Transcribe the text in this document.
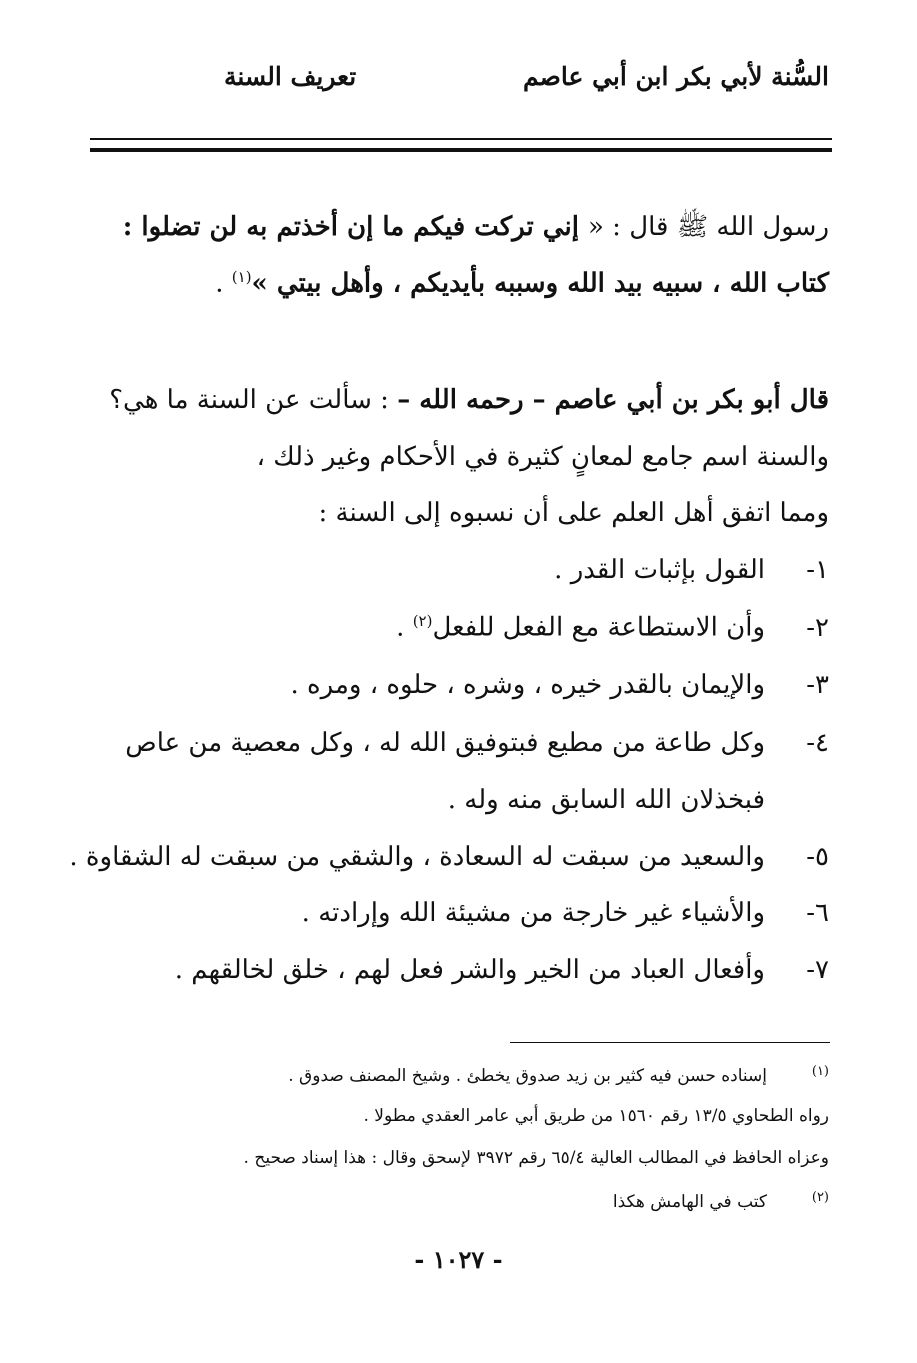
السُّنة لأبي بكر ابن أبي عاصم
تعريف السنة
رسول الله ﷺ قال : « إني تركت فيكم ما إن أخذتم به لن تضلوا :
كتاب الله ، سبيه بيد الله وسببه بأيديكم ، وأهل بيتي »$^{(١)}$ .
قال أبو بكر بن أبي عاصم – رحمه الله – : سألت عن السنة ما هي؟
والسنة اسم جامع لمعانٍ كثيرة في الأحكام وغير ذلك ،
ومما اتفق أهل العلم على أن نسبوه إلى السنة :
١-القول بإثبات القدر .
٢-وأن الاستطاعة مع الفعل للفعل$^{(٢)}$ .
٣-والإيمان بالقدر خيره ، وشره ، حلوه ، ومره .
٤-وكل طاعة من مطيع فبتوفيق الله له ، وكل معصية من عاص
فبخذلان الله السابق منه وله .
٥-والسعيد من سبقت له السعادة ، والشقي من سبقت له الشقاوة .
٦-والأشياء غير خارجة من مشيئة الله وإرادته .
٧-وأفعال العباد من الخير والشر فعل لهم ، خلق لخالقهم .
(١)
إسناده حسن فيه كثير بن زيد صدوق يخطئ . وشيخ المصنف صدوق .
رواه الطحاوي ١٣/٥ رقم ١٥٦٠ من طريق أبي عامر العقدي مطولا .
وعزاه الحافظ في المطالب العالية ٦٥/٤ رقم ٣٩٧٢ لإسحق وقال : هذا إسناد صحيح .
(٢)
كتب في الهامش هكذا
- ١٠٢٧ -
